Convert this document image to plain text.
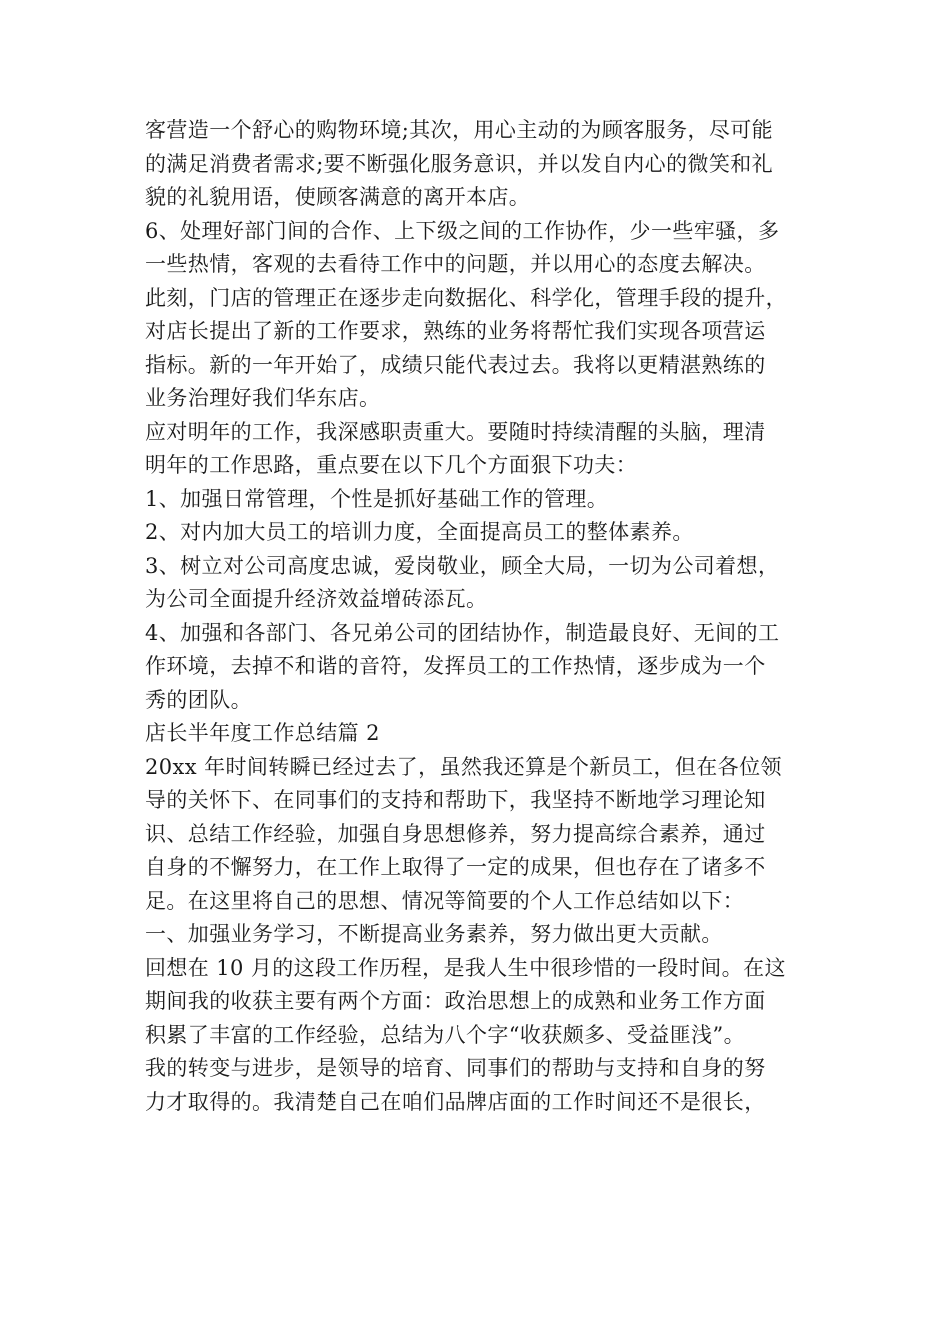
客营造一个舒心的购物环境;其次，用心主动的为顾客服务，尽可能
的满足消费者需求;要不断强化服务意识，并以发自内心的微笑和礼
貌的礼貌用语，使顾客满意的离开本店。
6、处理好部门间的合作、上下级之间的工作协作，少一些牢骚，多
一些热情，客观的去看待工作中的问题，并以用心的态度去解决。
此刻，门店的管理正在逐步走向数据化、科学化，管理手段的提升，
对店长提出了新的工作要求，熟练的业务将帮忙我们实现各项营运
指标。新的一年开始了，成绩只能代表过去。我将以更精湛熟练的
业务治理好我们华东店。
应对明年的工作，我深感职责重大。要随时持续清醒的头脑，理清
明年的工作思路，重点要在以下几个方面狠下功夫：
1、加强日常管理，个性是抓好基础工作的管理。
2、对内加大员工的培训力度，全面提高员工的整体素养。
3、树立对公司高度忠诚，爱岗敬业，顾全大局，一切为公司着想，
为公司全面提升经济效益增砖添瓦。
4、加强和各部门、各兄弟公司的团结协作，制造最良好、无间的工
作环境，去掉不和谐的音符，发挥员工的工作热情，逐步成为一个
秀的团队。
店长半年度工作总结篇 2
20xx 年时间转瞬已经过去了，虽然我还算是个新员工，但在各位领
导的关怀下、在同事们的支持和帮助下，我坚持不断地学习理论知
识、总结工作经验，加强自身思想修养，努力提高综合素养，通过
自身的不懈努力，在工作上取得了一定的成果，但也存在了诸多不
足。在这里将自己的思想、情况等简要的个人工作总结如以下：
一、加强业务学习，不断提高业务素养，努力做出更大贡献。
回想在 10 月的这段工作历程，是我人生中很珍惜的一段时间。在这
期间我的收获主要有两个方面：政治思想上的成熟和业务工作方面
积累了丰富的工作经验，总结为八个字“收获颇多、受益匪浅”。
我的转变与进步，是领导的培育、同事们的帮助与支持和自身的努
力才取得的。我清楚自己在咱们品牌店面的工作时间还不是很长，
